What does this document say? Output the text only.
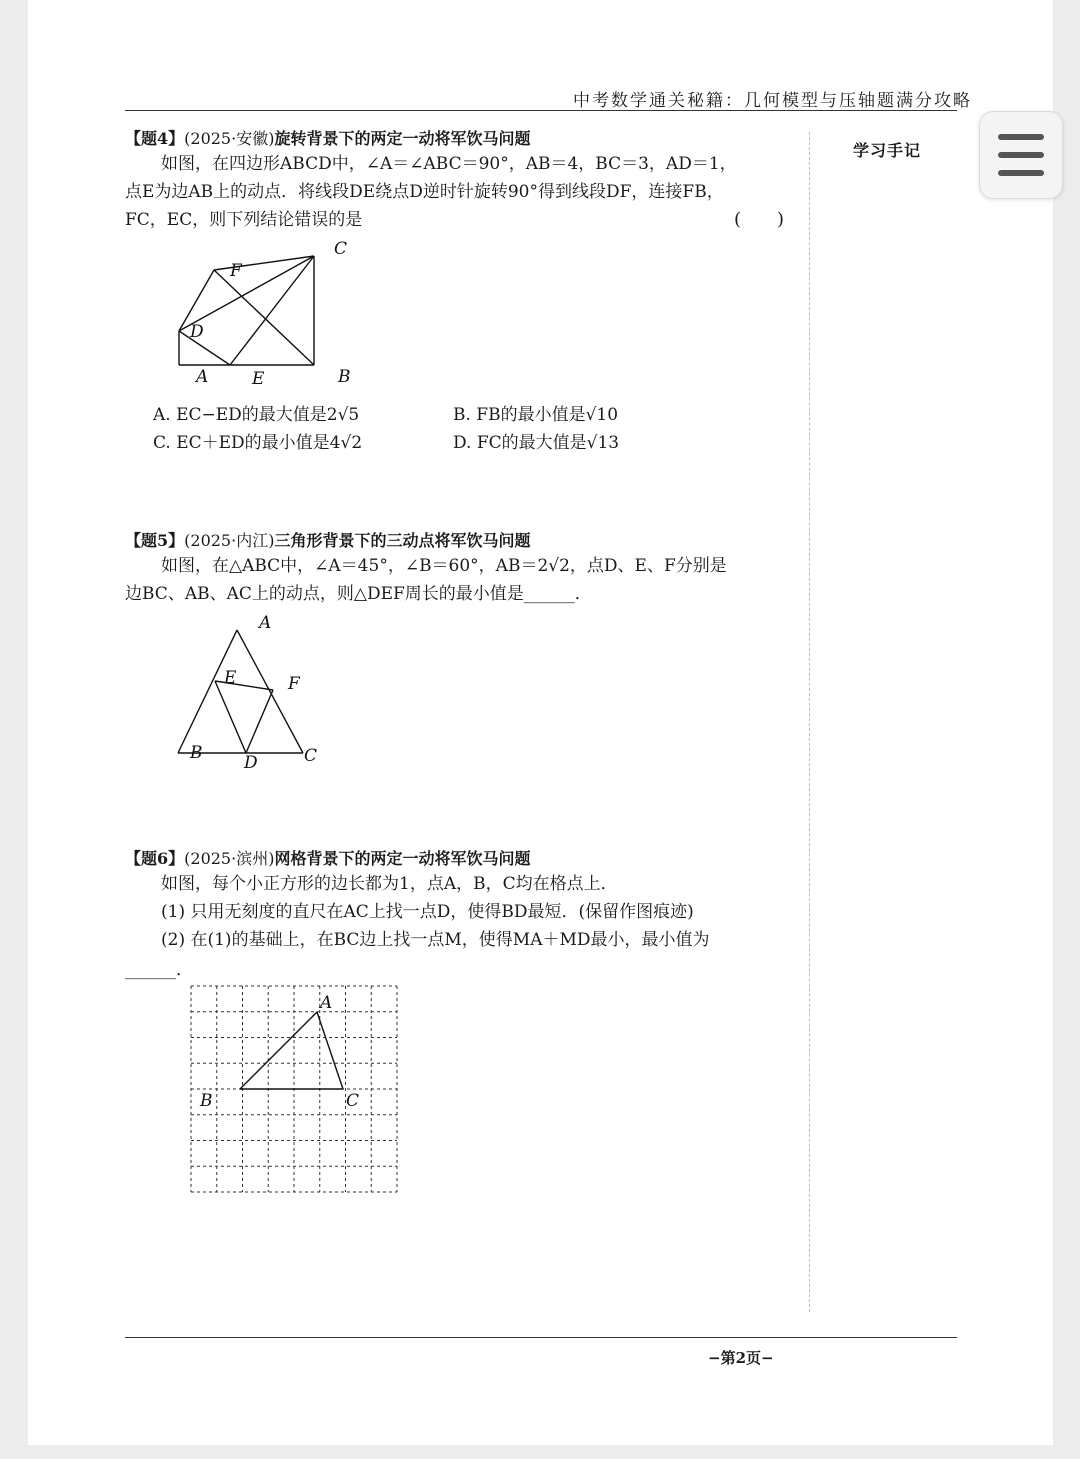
中考数学通关秘籍：几何模型与压轴题满分攻略
学习手记
【题4】(2025·安徽)旋转背景下的两定一动将军饮马问题
如图，在四边形ABCD中，∠A＝∠ABC＝90°，AB＝4，BC＝3，AD＝1，
点E为边AB上的动点．将线段DE绕点D逆时针旋转90°得到线段DF，连接FB，
FC，EC，则下列结论错误的是	(　　)
C
F
D
A	E	B
A. EC−ED的最大值是2√5	B. FB的最小值是√10
C. EC＋ED的最小值是4√2	D. FC的最大值是√13
【题5】(2025·内江)三角形背景下的三动点将军饮马问题
如图，在△ABC中，∠A＝45°，∠B＝60°，AB＝2√2，点D、E、F分别是
边BC、AB、AC上的动点，则△DEF周长的最小值是______．
A
E	F
B D	C
【题6】(2025·滨州)网格背景下的两定一动将军饮马问题
如图，每个小正方形的边长都为1，点A，B，C均在格点上．
(1) 只用无刻度的直尺在AC上找一点D，使得BD最短．(保留作图痕迹)
(2) 在(1)的基础上，在BC边上找一点M，使得MA＋MD最小，最小值为
______．
A
B	C
−第2页−
